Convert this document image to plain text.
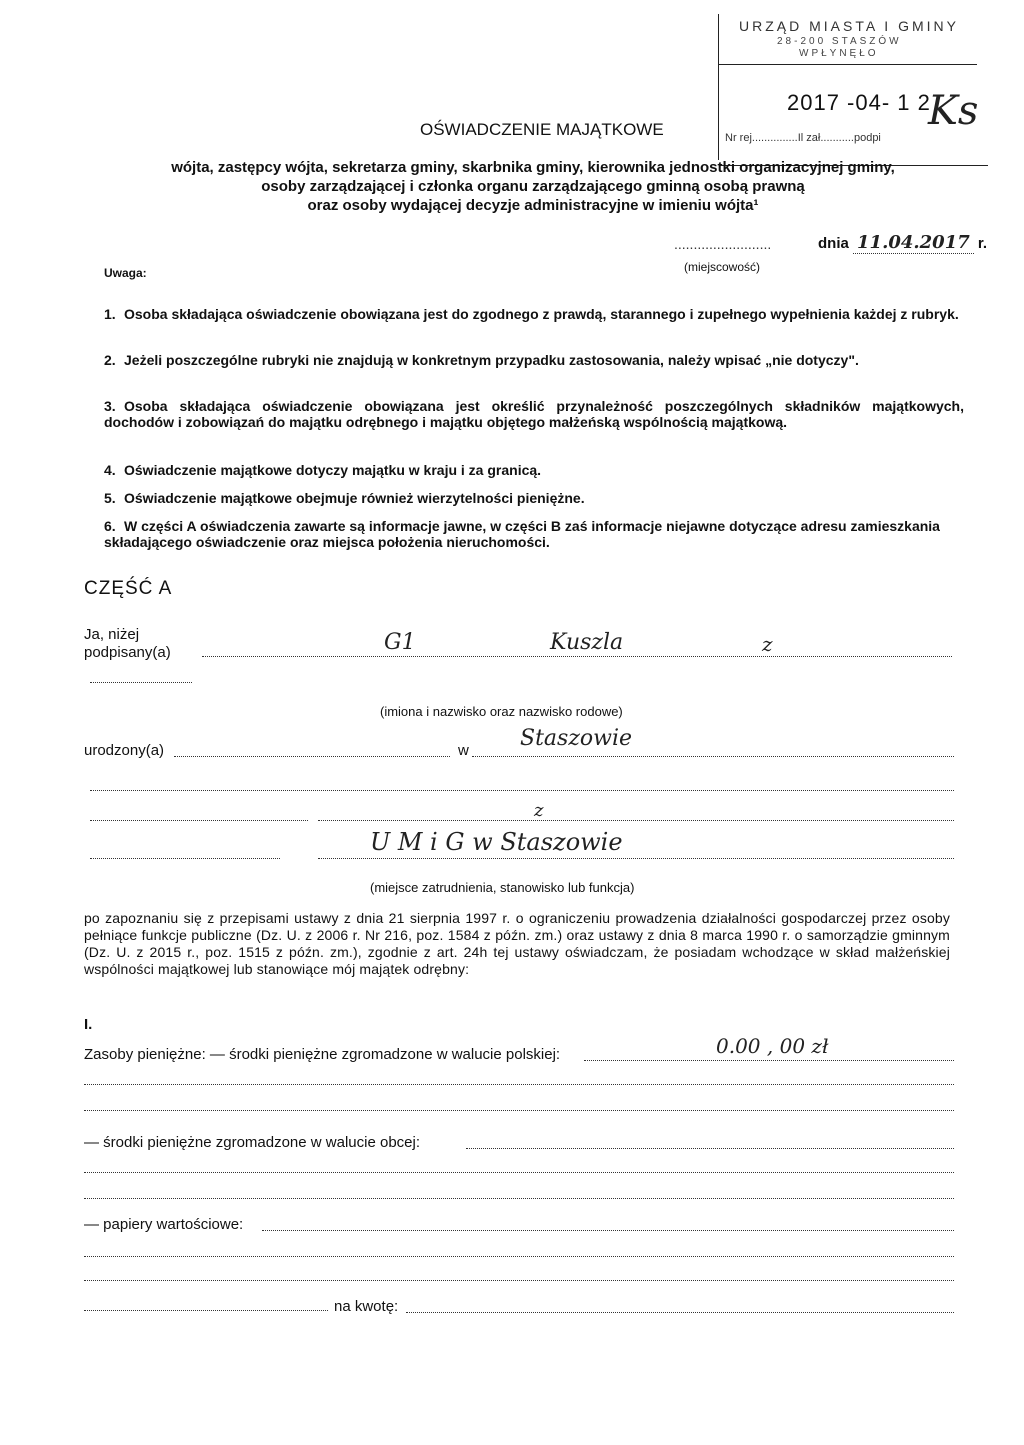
URZĄD MIASTA I GMINY
28-200 STASZÓW
WPŁYNĘŁO
2017 -04- 1 2
Nr rej...............Il zał...........podpi
Ks
OŚWIADCZENIE MAJĄTKOWE
wójta, zastępcy wójta, sekretarza gminy, skarbnika gminy, kierownika jednostki organizacyjnej gminy,
osoby zarządzającej i członka organu zarządzającego gminną osobą prawną
oraz osoby wydającej decyzje administracyjne w imieniu wójta¹
.........................	dnia 11.04.2017 r.
(miejscowość)
Uwaga:
1. Osoba składająca oświadczenie obowiązana jest do zgodnego z prawdą, starannego i zupełnego wypełnienia każdej z rubryk.
2. Jeżeli poszczególne rubryki nie znajdują w konkretnym przypadku zastosowania, należy wpisać „nie dotyczy".
3. Osoba składająca oświadczenie obowiązana jest określić przynależność poszczególnych składników majątkowych, dochodów i zobowiązań do majątku odrębnego i majątku objętego małżeńską wspólnością majątkową.
4. Oświadczenie majątkowe dotyczy majątku w kraju i za granicą.
5. Oświadczenie majątkowe obejmuje również wierzytelności pieniężne.
6. W części A oświadczenia zawarte są informacje jawne, w części B zaś informacje niejawne dotyczące adresu zamieszkania składającego oświadczenie oraz miejsca położenia nieruchomości.
CZĘŚĆ A
Ja, niżej
podpisany(a)	G1	Kuszla	z
(imiona i nazwisko oraz nazwisko rodowe)
urodzony(a)	w Staszowie
z
U M i G w Staszowie
(miejsce zatrudnienia, stanowisko lub funkcja)
po zapoznaniu się z przepisami ustawy z dnia 21 sierpnia 1997 r. o ograniczeniu prowadzenia działalności gospodarczej przez osoby pełniące funkcje publiczne (Dz. U. z 2006 r. Nr 216, poz. 1584 z późn. zm.) oraz ustawy z dnia 8 marca 1990 r. o samorządzie gminnym (Dz. U. z 2015 r., poz. 1515 z późn. zm.), zgodnie z art. 24h tej ustawy oświadczam, że posiadam wchodzące w skład małżeńskiej wspólności majątkowej lub stanowiące mój majątek odrębny:
I.
Zasoby pieniężne: — środki pieniężne zgromadzone w walucie polskiej:	0.00 , 00 zł
— środki pieniężne zgromadzone w walucie obcej:
— papiery wartościowe:
na kwotę:
